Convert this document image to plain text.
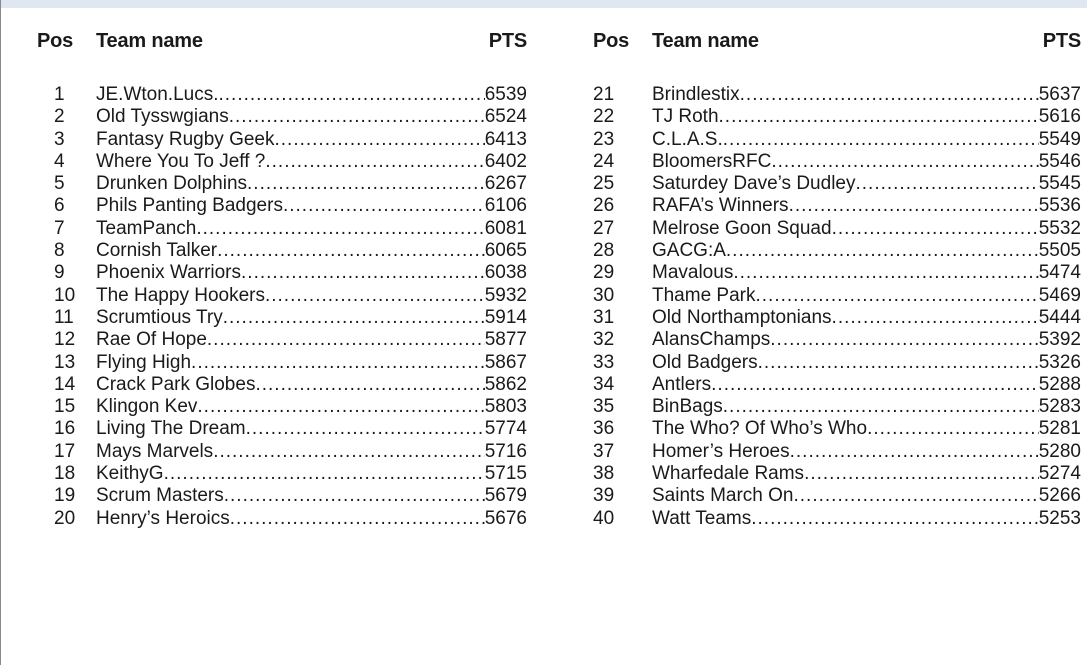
Pos Team name	PTS
1 JE.Wton.Lucs. .....	6539
2 Old Tysswgians .....	6524
3 Fantasy Rugby Geek .....	6413
4 Where You To Jeff ? .....	6402
5 Drunken Dolphins .....	6267
6 Phils Panting Badgers .....	6106
7 TeamPanch .....	6081
8 Cornish Talker .....	6065
9 Phoenix Warriors .....	6038
10 The Happy Hookers .....	5932
11 Scrumtious Try .....	5914
12 Rae Of Hope .....	5877
13 Flying High .....	5867
14 Crack Park Globes .....	5862
15 Klingon Kev .....	5803
16 Living The Dream .....	5774
17 Mays Marvels .....	5716
18 KeithyG .....	5715
19 Scrum Masters .....	5679
20 Henry’s Heroics .....	5676
Pos Team name	PTS
21	Brindlestix .....	5637
22	TJ Roth .....	5616
23	C.L.A.S. .....	5549
24	BloomersRFC .....	5546
25	Saturdey Dave’s Dudley .....	5545
26	RAFA’s Winners .....	5536
27	Melrose Goon Squad .....	5532
28	GACG:A .....	5505
29	Mavalous .....	5474
30	Thame Park .....	5469
31	Old Northamptonians .....	5444
32	AlansChamps .....	5392
33	Old Badgers .....	5326
34	Antlers .....	5288
35	BinBags .....	5283
36	The Who? Of Who’s Who .....	5281
37	Homer’s Heroes .....	5280
38	Wharfedale Rams .....	5274
39	Saints March On .....	5266
40	Watt Teams .....	5253
